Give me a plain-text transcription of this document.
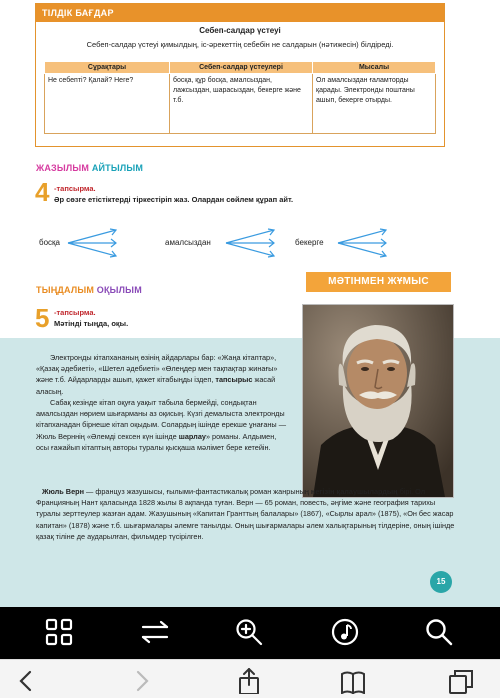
ТІЛДІК БАҒДАР
Себеп-салдар үстеуі
Себеп-салдар үстеуі қимылдың, іс-әрекеттің себебін не салдарын (нәтижесін) білдіреді.
Сұрақтары	Себеп-салдар үстеулері	Мысалы
Не себептi? Қалай? Неге?	босқа, құр босқа, амалсыздан, лажсыздан, шарасыздан, бекерге және т.б.	Ол амалсыздан ғаламторды қарады. Электронды поштаны ашып, бекерге отырды.
ЖАЗЫЛЫМ АЙТЫЛЫМ
4 -тапсырма.
Әр сөзге етістіктерді тіркестіріп жаз. Олардан сөйлем құрап айт.
босқа	амалсыздан	бекерге
ТЫҢДАЛЫМ ОҚЫЛЫМ
МӘТІНМЕН ЖҰМЫС
5 -тапсырма.
Мәтінді тыңда, оқы.
Электронды кітапхананың өзінің айдарлары бар: «Жаңа кітаптар», «Қазақ әдебиеті», «Шетел әдебиеті» «Өлеңдер мен тақпақтар жинағы» және т.б. Айдарларды ашып, қажет кітабыңды іздеп, тапсырыс жасай аласың.
Сабақ кезінде кітап оқуға уақыт табыла бермейді, сондықтан амалсыздан нөрием шығарманы аз оқисың. Күзгі демалыста электронды кітапханадан бірнеше кітап оқыдым. Солардың ішінде ерекше ұнағаны — Жюль Верннің «Әлемді сексен күн ішінде шарлау» романы. Алдымен, осы ғажайып кітаптың авторы туралы қысқаша мәлімет бере кетейін.
Жюль Верн — француз жазушысы, ғылыми-фантастикалық роман жанрының негізін қалаушылардың бірі. Ол Францияның Нант қаласында 1828 жылы 8 ақпанда туған. Верн — 65 роман, повесть, әңгіме және география тарихы туралы зерттеулер жазған адам. Жазушының «Капитан Гранттың балалары» (1867), «Сырлы арал» (1875), «Он бес жасар капитан» (1878) және т.б. шығармалары әлемге танылды. Оның шығармалары әлем халықтарының тілдеріне, оның ішінде қазақ тіліне де аударылған, фильмдер түсірілген.
15
